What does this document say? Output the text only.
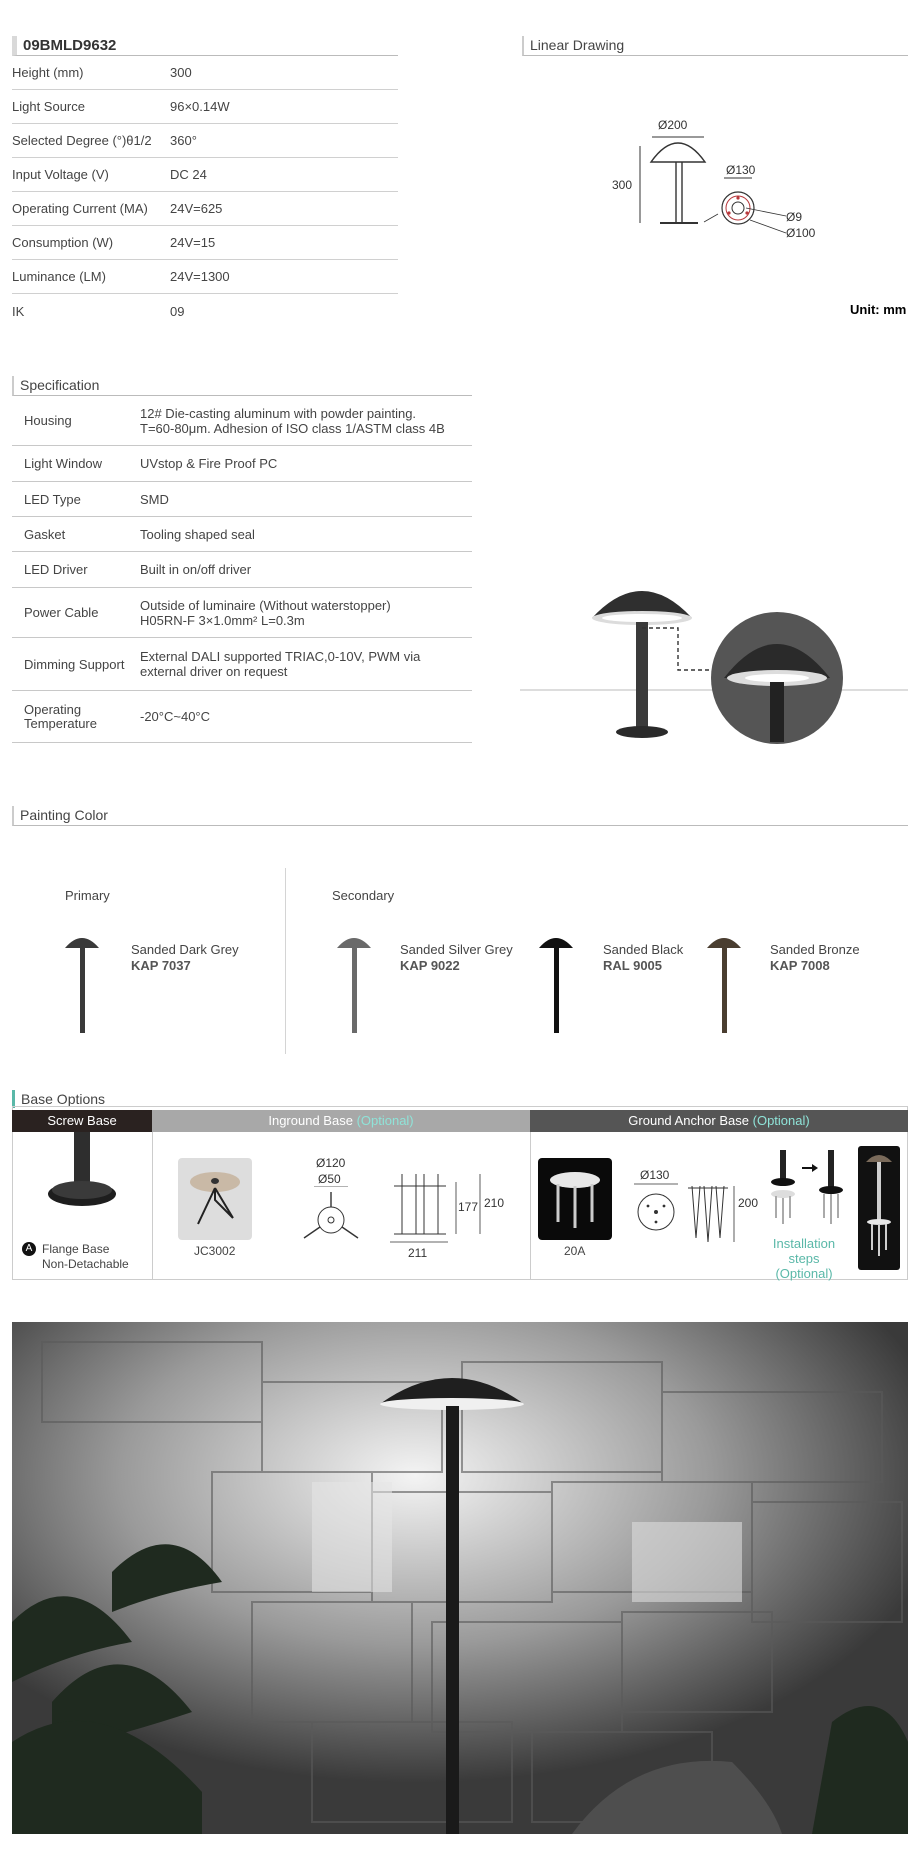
09BMLD9632
Height (mm)	300
Light Source	96×0.14W
Selected Degree (°)θ1/2	360°
Input Voltage (V)	DC 24
Operating Current (MA)	24V=625
Consumption (W)	24V=15
Luminance (LM)	24V=1300
IK	09
Linear Drawing
Ø200
300
Ø130
Ø9
Ø100
Unit: mm
Specification
Housing	12# Die-casting aluminum with powder painting.
T=60-80μm. Adhesion of ISO class 1/ASTM class 4B
Light Window	UVstop & Fire Proof PC
LED Type	SMD
Gasket	Tooling shaped seal
LED Driver	Built in on/off driver
Power Cable	Outside of luminaire (Without waterstopper)
H05RN-F 3×1.0mm² L=0.3m
Dimming Support	External DALI supported TRIAC,0-10V, PWM via
external driver on request
Operating
Temperature	-20°C~40°C
Painting Color
Primary	Secondary
Sanded Dark Grey
KAP 7037
Sanded Silver Grey
KAP 9022
Sanded Black
RAL 9005
Sanded Bronze
KAP 7008
Base Options
Screw Base	Inground Base (Optional)	Ground Anchor Base (Optional)
A Flange Base
Non-Detachable
JC3002
Ø120
Ø50
177 210
211	20A
Ø130
200
Installation steps
(Optional)
